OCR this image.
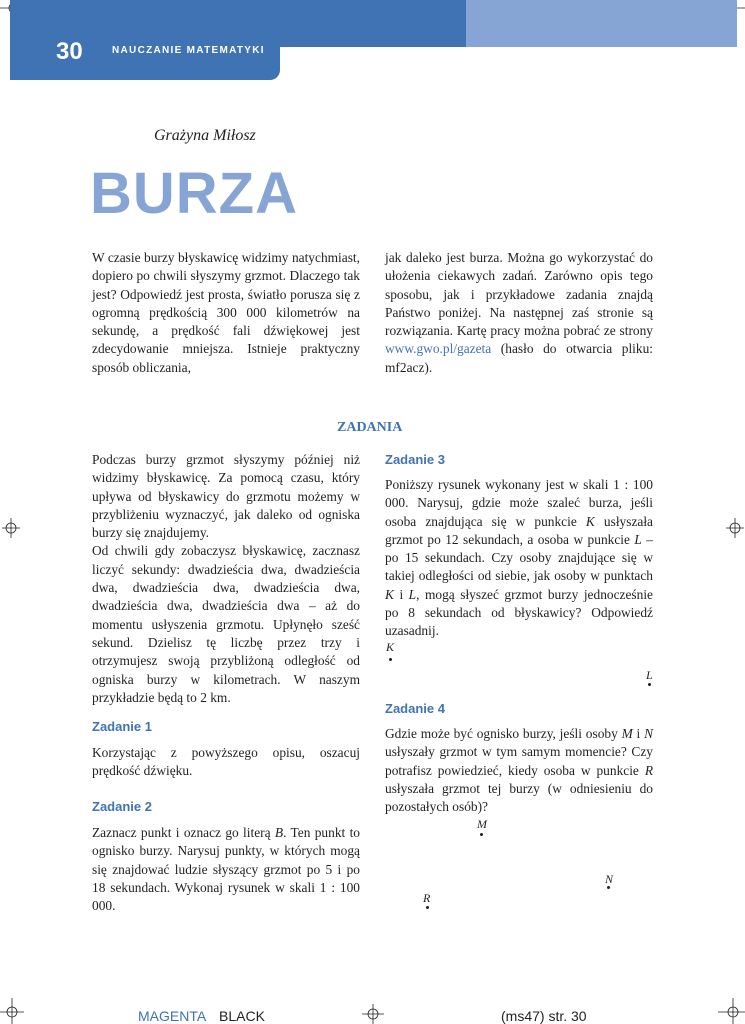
30	NAUCZANIE MATEMATYKI
Grażyna Miłosz
BURZA

W czasie burzy błyskawicę widzimy natychmiast, dopiero po chwili słyszymy grzmot. Dlaczego tak jest? Odpowiedź jest prosta, światło porusza się z ogromną prędkością 300 000 kilometrów na sekundę, a prędkość fali dźwiękowej jest zdecydowanie mniejsza. Istnieje praktyczny sposób obliczania,

jak daleko jest burza. Można go wykorzystać do ułożenia ciekawych zadań. Zarówno opis tego sposobu, jak i przykładowe zadania znajdą Państwo poniżej. Na następnej zaś stronie są rozwiązania. Kartę pracy można pobrać ze strony www.gwo.pl/gazeta (hasło do otwarcia pliku: mf2acz).

ZADANIA

Podczas burzy grzmot słyszymy później niż widzimy błyskawicę. Za pomocą czasu, który upływa od błyskawicy do grzmotu możemy w przybliżeniu wyznaczyć, jak daleko od ogniska burzy się znajdujemy.

Od chwili gdy zobaczysz błyskawicę, zacznasz liczyć sekundy: dwadzieścia dwa, dwadzieścia dwa, dwadzieścia dwa, dwadzieścia dwa, dwadzieścia dwa, dwadzieścia dwa – aż do momentu usłyszenia grzmotu. Upłynęło sześć sekund. Dzielisz tę liczbę przez trzy i otrzymujesz swoją przybliżoną odległość od ogniska burzy w kilometrach. W naszym przykładzie będą to 2 km.

Zadanie 1
Korzystając z powyższego opisu, oszacuj prędkość dźwięku.
Zadanie 2
Zaznacz punkt i oznacz go literą B. Ten punkt to ognisko burzy. Narysuj punkty, w których mogą się znajdować ludzie słyszący grzmot po 5 i po 18 sekundach. Wykonaj rysunek w skali 1 : 100 000.
Zadanie 3
Poniższy rysunek wykonany jest w skali 1 : 100 000. Narysuj, gdzie może szaleć burza, jeśli osoba znajdująca się w punkcie K usłyszała grzmot po 12 sekundach, a osoba w punkcie L – po 15 sekundach. Czy osoby znajdujące się w takiej odległości od siebie, jak osoby w punktach K i L, mogą słyszeć grzmot burzy jednocześnie po 8 sekundach od błyskawicy? Odpowiedź uzasadnij.
K
L
Zadanie 4
Gdzie może być ognisko burzy, jeśli osoby M i N usłyszały grzmot w tym samym momencie? Czy potrafisz powiedzieć, kiedy osoba w punkcie R usłyszała grzmot tej burzy (w odniesieniu do pozostałych osób)?
M
N
R
MAGENTA BLACK	(ms47) str. 30
